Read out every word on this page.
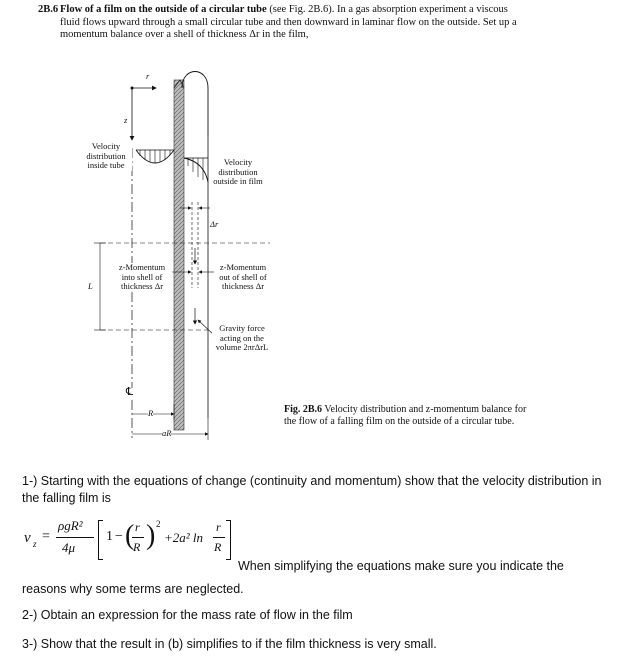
2B.6 Flow of a film on the outside of a circular tube (see Fig. 2B.6). In a gas absorption experiment a viscous fluid flows upward through a small circular tube and then downward in laminar flow on the outside. Set up a momentum balance over a shell of thickness Δr in the film,
r
z
Velocity distribution inside tube	Velocity distribution outside in film
Δr
L
z-Momentum into shell of thickness Δr
z-Momentum out of shell of thickness Δr
Gravity force acting on the volume 2πrΔrL
℄
R
aR
Fig. 2B.6 Velocity distribution and z-momentum balance for the flow of a falling film on the outside of a circular tube.
1-) Starting with the equations of change (continuity and momentum) show that the velocity distribution in the falling film is
v z =
ρgR²
4μ
1 − ( r
R ) 2
+2a² ln
r
R
When simplifying the equations make sure you indicate the
reasons why some terms are neglected.
2-) Obtain an expression for the mass rate of flow in the film
3-) Show that the result in (b) simplifies to if the film thickness is very small.
